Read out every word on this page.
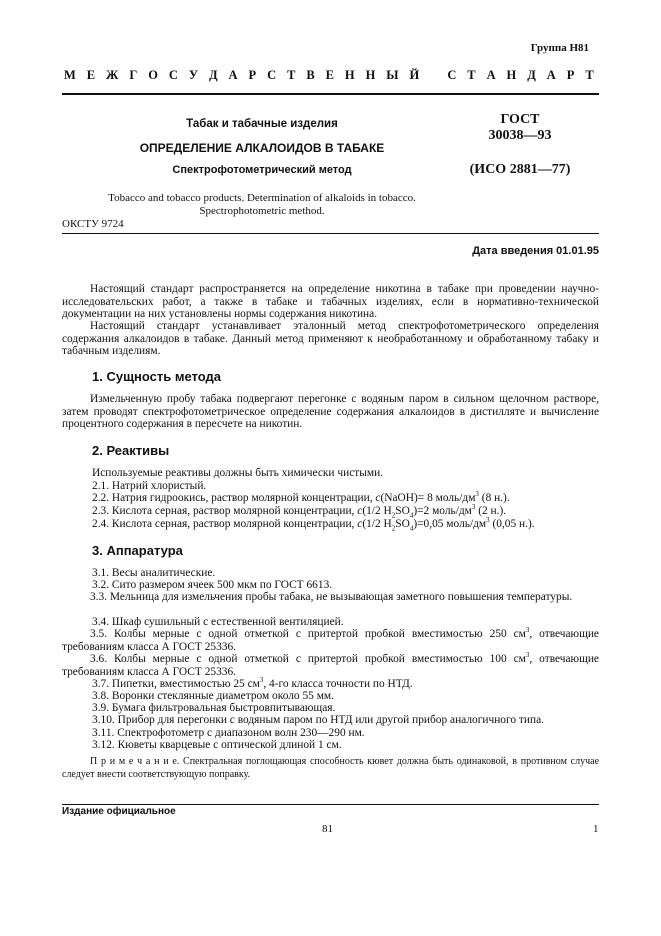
Группа Н81
М Е Ж Г О С У Д А Р С Т В Е Н Н Ы Й
С Т А Н Д А Р Т
Табак и табачные изделия
ОПРЕДЕЛЕНИЕ АЛКАЛОИДОВ В ТАБАКЕ
Спектрофотометрический метод
Tobacco and tobacco products. Determination of alkaloids in tobacco.
Spectrophotometric method.
ГОСТ
30038—93
(ИСО 2881—77)
ОКСТУ 9724
Дата введения 01.01.95
Настоящий стандарт распространяется на определение никотина в табаке при проведении научно-исследовательских работ, а также в табаке и табачных изделиях, если в нормативно-технической документации на них установлены нормы содержания никотина.
Настоящий стандарт устанавливает эталонный метод спектрофотометрического определения содержания алкалоидов в табаке. Данный метод применяют к необработанному и обработанному табаку и табачным изделиям.
1. Сущность метода
Измельченную пробу табака подвергают перегонке с водяным паром в сильном щелочном растворе, затем проводят спектрофотометрическое определение содержания алкалоидов в дистилляте и вычисление процентного содержания в пересчете на никотин.
2. Реактивы
Используемые реактивы должны быть химически чистыми.
2.1. Натрий хлористый.
2.2. Натрия гидроокись, раствор молярной концентрации, c(NaOH)= 8 моль/$дм^3$ (8 н.).
2.3. Кислота серная, раствор молярной концентрации, c(1/2 $H_2SO_4)=2$ моль/$дм^3$ (2 н.).
2.4. Кислота серная, раствор молярной концентрации, c(1/2 $H_2SO_4)=0,05$ моль/$дм^3$ (0,05 н.).
3. Аппаратура
3.1. Весы аналитические.
3.2. Сито размером ячеек 500 мкм по ГОСТ 6613.
3.3. Мельница для измельчения пробы табака, не вызывающая заметного повышения температуры.
3.4. Шкаф сушильный с естественной вентиляцией.
3.5. Колбы мерные с одной отметкой с притертой пробкой вместимостью 250 $см^3$, отвечающие требованиям класса А ГОСТ 25336.
3.6. Колбы мерные с одной отметкой с притертой пробкой вместимостью 100 $см^3$, отвечающие требованиям класса А ГОСТ 25336.
3.7. Пипетки, вместимостью 25 $см^3$, 4-го класса точности по НТД.
3.8. Воронки стеклянные диаметром около 55 мм.
3.9. Бумага фильтровальная быстровпитывающая.
3.10. Прибор для перегонки с водяным паром по НТД или другой прибор аналогичного типа.
3.11. Спектрофотометр с диапазоном волн 230—290 нм.
3.12. Кюветы кварцевые с оптической длиной 1 см.
П р и м е ч а н и е. Спектральная поглощающая способность кювет должна быть одинаковой, в противном случае следует внести соответствующую поправку.
Издание официальное
81	1
